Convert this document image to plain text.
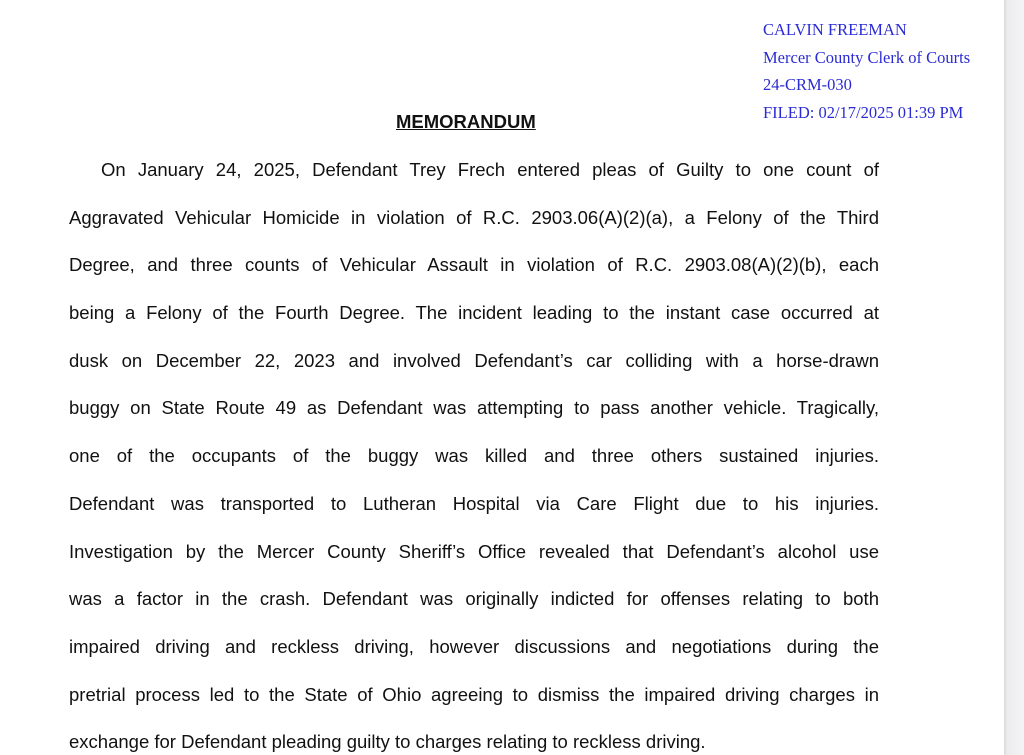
CALVIN FREEMAN
Mercer County Clerk of Courts
24-CRM-030
FILED: 02/17/2025 01:39 PM
MEMORANDUM
On January 24, 2025, Defendant Trey Frech entered pleas of Guilty to one count of
Aggravated Vehicular Homicide in violation of R.C. 2903.06(A)(2)(a), a Felony of the Third
Degree, and three counts of Vehicular Assault in violation of R.C. 2903.08(A)(2)(b), each
being a Felony of the Fourth Degree. The incident leading to the instant case occurred at
dusk on December 22, 2023 and involved Defendant’s car colliding with a horse-drawn
buggy on State Route 49 as Defendant was attempting to pass another vehicle. Tragically,
one of the occupants of the buggy was killed and three others sustained injuries.
Defendant was transported to Lutheran Hospital via Care Flight due to his injuries.
Investigation by the Mercer County Sheriff’s Office revealed that Defendant’s alcohol use
was a factor in the crash. Defendant was originally indicted for offenses relating to both
impaired driving and reckless driving, however discussions and negotiations during the
pretrial process led to the State of Ohio agreeing to dismiss the impaired driving charges in
exchange for Defendant pleading guilty to charges relating to reckless driving.
